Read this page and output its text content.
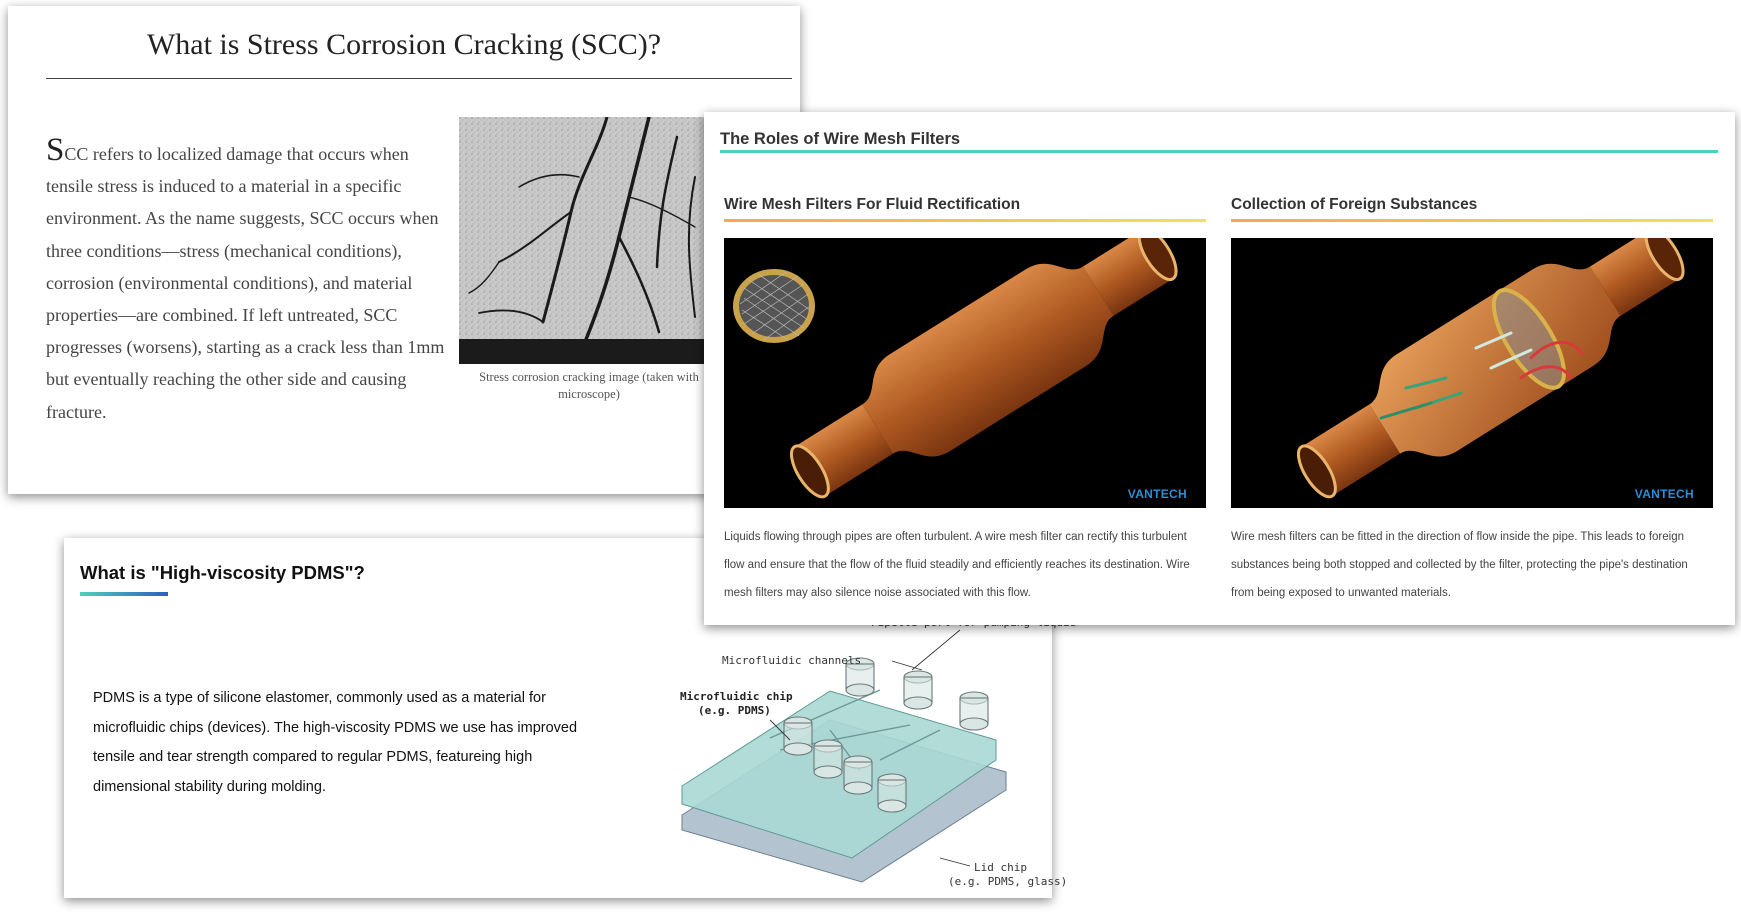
What is Stress Corrosion Cracking (SCC)?
SCC refers to localized damage that occurs when tensile stress is induced to a material in a specific environment. As the name suggests, SCC occurs when three conditions—stress (mechanical conditions), corrosion (environmental conditions), and material properties—are combined. If left untreated, SCC progresses (worsens), starting as a crack less than 1mm but eventually reaching the other side and causing fracture.
Stress corrosion cracking image (taken with microscope)
What is "High-viscosity PDMS"?
PDMS is a type of silicone elastomer, commonly used as a material for microfluidic chips (devices). The high-viscosity PDMS we use has improved tensile and tear strength compared to regular PDMS, featureing high dimensional stability during molding.
Microfluidic channels
Microfluidic chip
(e.g. PDMS)
Lid chip
(e.g. PDMS, glass)
The Roles of Wire Mesh Filters
Wire Mesh Filters For Fluid Rectification
VANTECH
Liquids flowing through pipes are often turbulent. A wire mesh filter can rectify this turbulent flow and ensure that the flow of the fluid steadily and efficiently reaches its destination. Wire mesh filters may also silence noise associated with this flow.
Collection of Foreign Substances
VANTECH
Wire mesh filters can be fitted in the direction of flow inside the pipe. This leads to foreign substances being both stopped and collected by the filter, protecting the pipe's destination from being exposed to unwanted materials.
